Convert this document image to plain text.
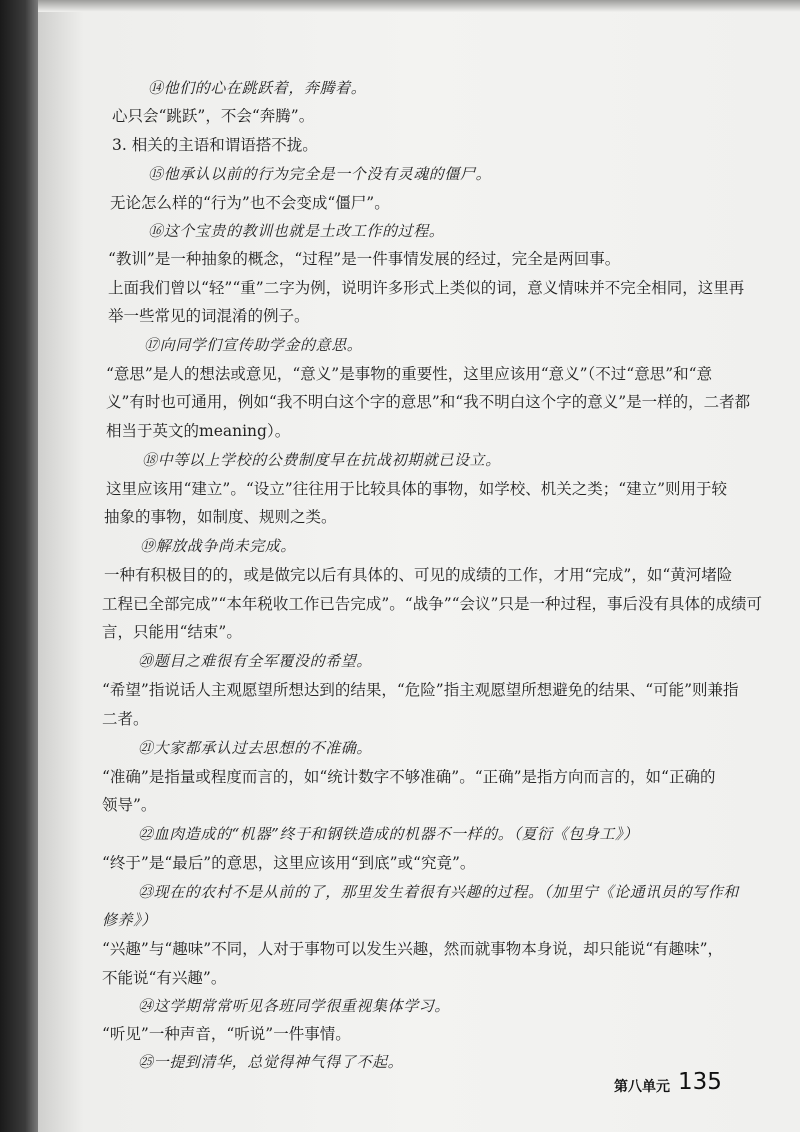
⑭他们的心在跳跃着，奔腾着。
心只会“跳跃”，不会“奔腾”。
3. 相关的主语和谓语搭不拢。
⑮他承认以前的行为完全是一个没有灵魂的僵尸。
无论怎么样的“行为”也不会变成“僵尸”。
⑯这个宝贵的教训也就是土改工作的过程。
“教训”是一种抽象的概念，“过程”是一件事情发展的经过，完全是两回事。
上面我们曾以“轻”“重”二字为例，说明许多形式上类似的词，意义情味并不完全相同，这里再
举一些常见的词混淆的例子。
⑰向同学们宣传助学金的意思。
“意思”是人的想法或意见，“意义”是事物的重要性，这里应该用“意义”（不过“意思”和“意
义”有时也可通用，例如“我不明白这个字的意思”和“我不明白这个字的意义”是一样的，二者都
相当于英文的meaning）。
⑱中等以上学校的公费制度早在抗战初期就已设立。
这里应该用“建立”。“设立”往往用于比较具体的事物，如学校、机关之类；“建立”则用于较
抽象的事物，如制度、规则之类。
⑲解放战争尚未完成。
一种有积极目的的，或是做完以后有具体的、可见的成绩的工作，才用“完成”，如“黄河堵险
工程已全部完成”“本年税收工作已告完成”。“战争”“会议”只是一种过程，事后没有具体的成绩可
言，只能用“结束”。
⑳题目之难很有全军覆没的希望。
“希望”指说话人主观愿望所想达到的结果，“危险”指主观愿望所想避免的结果、“可能”则兼指
二者。
㉑大家都承认过去思想的不准确。
“准确”是指量或程度而言的，如“统计数字不够准确”。“正确”是指方向而言的，如“正确的
领导”。
㉒血肉造成的“机器”终于和钢铁造成的机器不一样的。（夏衍《包身工》）
“终于”是“最后”的意思，这里应该用“到底”或“究竟”。
㉓现在的农村不是从前的了，那里发生着很有兴趣的过程。（加里宁《论通讯员的写作和
修养》）
“兴趣”与“趣味”不同，人对于事物可以发生兴趣，然而就事物本身说，却只能说“有趣味”，
不能说“有兴趣”。
㉔这学期常常听见各班同学很重视集体学习。
“听见”一种声音，“听说”一件事情。
㉕一提到清华，总觉得神气得了不起。
第八单元 135
